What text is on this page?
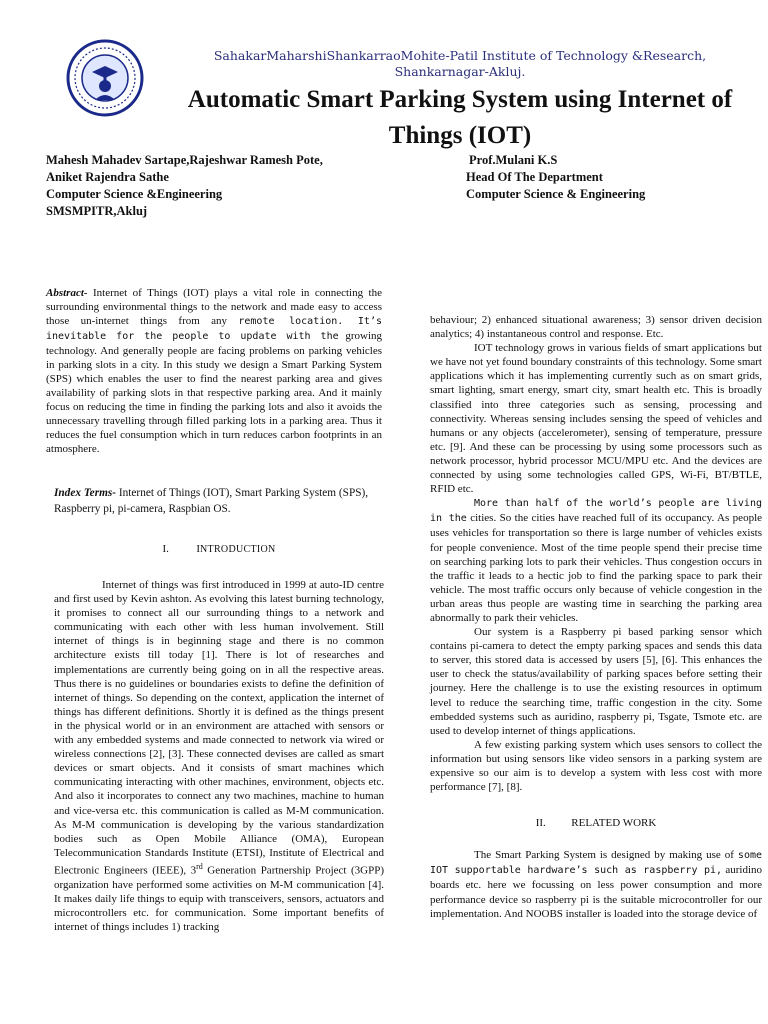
SahakarMaharshiShankarraoMohite-Patil Institute of Technology &Research,
Shankarnagar-Akluj.
Automatic Smart Parking System using Internet of
Things (IOT)
Mahesh Mahadev Sartape,Rajeshwar Ramesh Pote,
Aniket Rajendra Sathe
Computer Science &Engineering
SMSMPITR,Akluj
Prof.Mulani K.S
Head Of The Department
Computer Science & Engineering
Abstract- Internet of Things (IOT) plays a vital role in connecting the surrounding environmental things to the network and made easy to access those un-internet things from any remote location. It’s inevitable for the people to update with the growing technology. And generally people are facing problems on parking vehicles in parking slots in a city. In this study we design a Smart Parking System (SPS) which enables the user to find the nearest parking area and gives availability of parking slots in that respective parking area. And it mainly focus on reducing the time in finding the parking lots and also it avoids the unnecessary travelling through filled parking lots in a parking area. Thus it reduces the fuel consumption which in turn reduces carbon footprints in an atmosphere.
Index Terms- Internet of Things (IOT), Smart Parking System (SPS), Raspberry pi, pi-camera, Raspbian OS.
I.	INTRODUCTION

Internet of things was first introduced in 1999 at auto-ID centre and first used by Kevin ashton. As evolving this latest burning technology, it promises to connect all our surrounding things to a network and communicating with each other with less human involvement. Still internet of things is in beginning stage and there is no common architecture exists till today [1]. There is lot of researches and implementations are currently being going on in all the respective areas. Thus there is no guidelines or boundaries exists to define the definition of internet of things. So depending on the context, application the internet of things has different definitions. Shortly it is defined as the things present in the physical world or in an environment are attached with sensors or with any embedded systems and made connected to network via wired or wireless connections [2], [3]. These connected devises are called as smart devices or smart objects. And it consists of smart machines which communicating interacting with other machines, environment, objects etc. And also it incorporates to connect any two machines, machine to human and vice-versa etc. this communication is called as M-M communication. As M-M communication is developing by the various standardization bodies such as Open Mobile Alliance (OMA), European Telecommunication Standards Institute (ETSI), Institute of Electrical and Electronic Engineers (IEEE), 3rd Generation Partnership Project (3GPP) organization have performed some activities on M-M communication [4]. It makes daily life things to equip with transceivers, sensors, actuators and microcontrollers etc. for communication. Some important benefits of internet of things includes 1) tracking

behaviour; 2) enhanced situational awareness; 3) sensor driven decision analytics; 4) instantaneous control and response. Etc.

IOT technology grows in various fields of smart applications but we have not yet found boundary constraints of this technology. Some smart applications which it has implementing currently such as on smart grids, smart lighting, smart energy, smart city, smart health etc. This is broadly classified into three categories such as sensing, processing and connectivity. Whereas sensing includes sensing the speed of vehicles and humans or any objects (accelerometer), sensing of temperature, pressure etc. [9]. And these can be processing by using some processors such as network processor, hybrid processor MCU/MPU etc. And the devices are connected by using some technologies called GPS, Wi-Fi, BT/BTLE, RFID etc.

More than half of the world’s people are living in the cities. So the cities have reached full of its occupancy. As people uses vehicles for transportation so there is large number of vehicles exists for people convenience. Most of the time people spend their precise time on searching parking lots to park their vehicles. Thus congestion occurs in the traffic it leads to a hectic job to find the parking space to park their vehicle. The most traffic occurs only because of vehicle congestion in the urban areas thus people are wasting time in searching the parking area abnormally to park their vehicles.

Our system is a Raspberry pi based parking sensor which contains pi-camera to detect the empty parking spaces and sends this data to server, this stored data is accessed by users [5], [6]. This enhances the user to check the status/availability of parking spaces before setting their journey. Here the challenge is to use the existing resources in optimum level to reduce the searching time, traffic congestion in the city. Some embedded systems such as auridino, raspberry pi, Tsgate, Tsmote etc. are used to develop internet of things applications.

A few existing parking system which uses sensors to collect the information but using sensors like video sensors in a parking system are expensive so our aim is to develop a system with less cost with more performance [7], [8].

II. RELATED WORK

The Smart Parking System is designed by making use of some IOT supportable hardware’s such as raspberry pi, auridino boards etc. here we focussing on less power consumption and more performance device so raspberry pi is the suitable microcontroller for our implementation. And NOOBS installer is loaded into the storage device of
